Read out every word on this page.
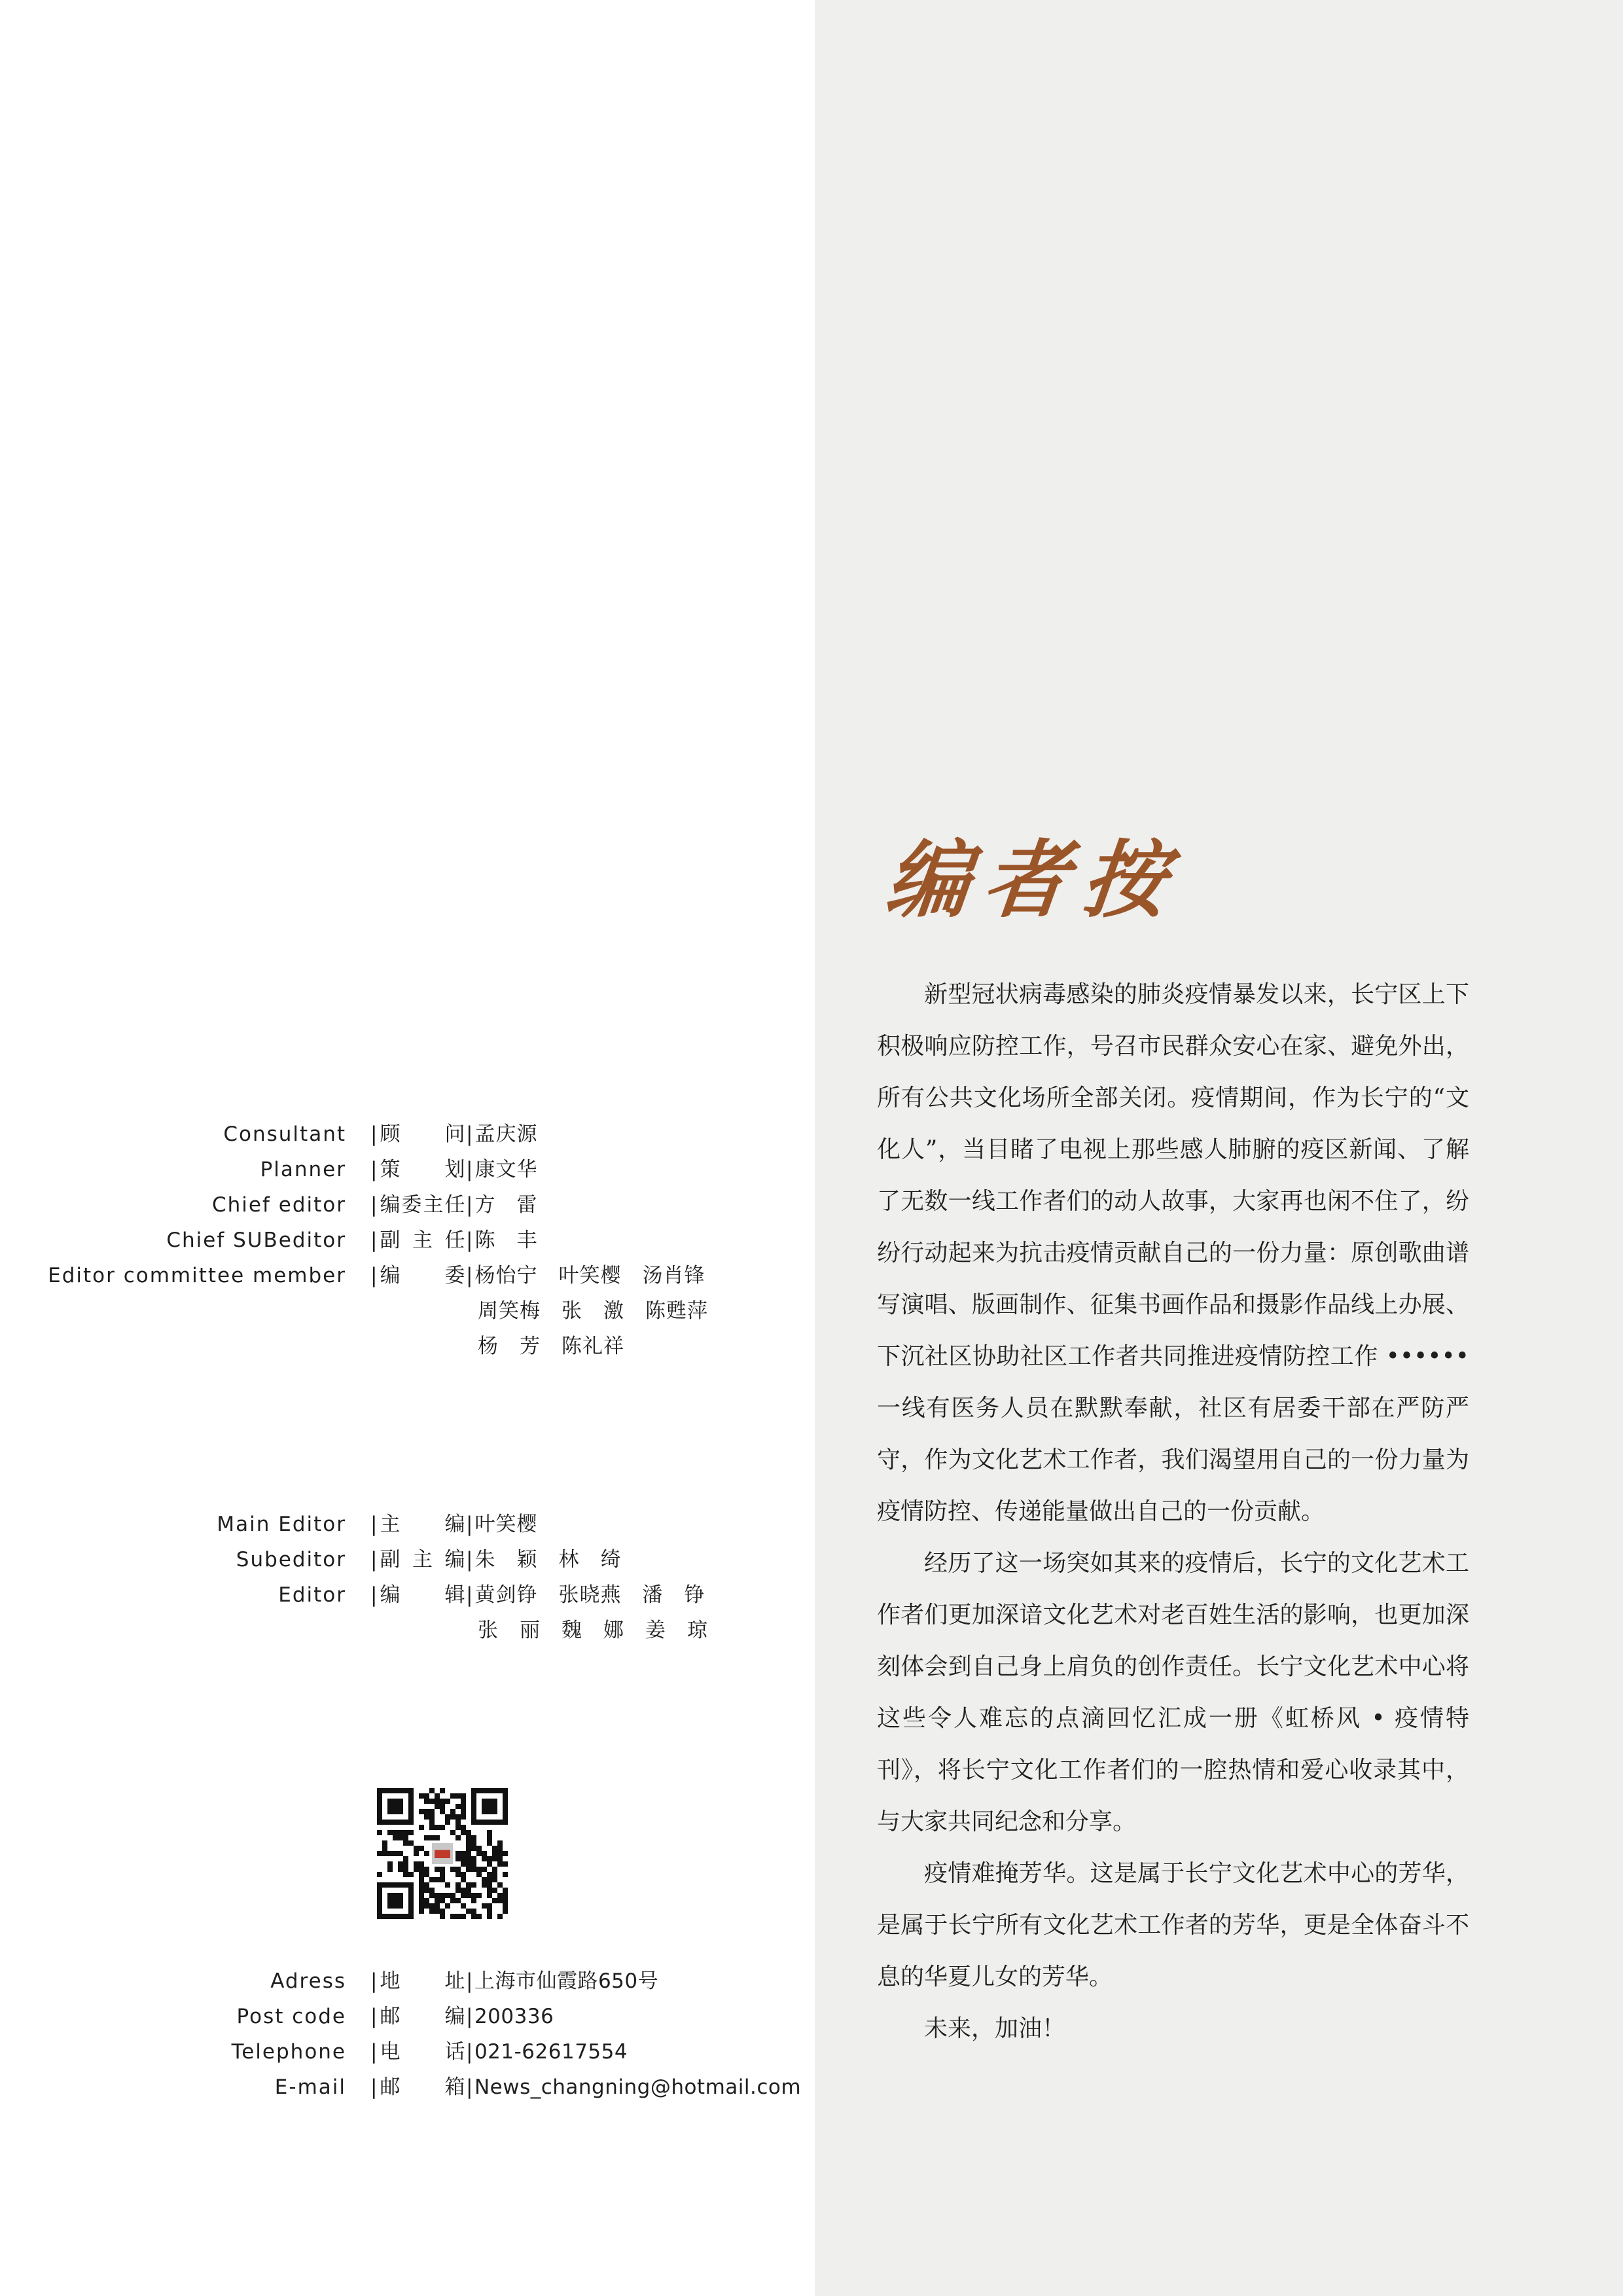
Consultant	| 顾问 | 孟庆源
Planner	| 策划 | 康文华
Chief editor	| 编委主任 | 方　雷
Chief SUBeditor	| 副主任 | 陈　丰
Editor committee member	| 编委 | 杨怡宁　叶笑樱　汤肖锋
周笑梅　张　激　陈甦萍
杨　芳　陈礼祥
Main Editor	| 主编 | 叶笑樱
Subeditor	| 副主编 | 朱　颖　林　绮
Editor	| 编辑 | 黄剑铮　张晓燕　潘　铮
张　丽　魏　娜　姜　琼
Adress	| 地址 | 上海市仙霞路650号
Post code	| 邮编 | 200336
Telephone	| 电话 | 021-62617554
E-mail	| 邮箱 | News_changning@hotmail.com
编者按

新型冠状病毒感染的肺炎疫情暴发以来，长宁区上下积极响应防控工作，号召市民群众安心在家、避免外出，所有公共文化场所全部关闭。疫情期间，作为长宁的“文化人”，当目睹了电视上那些感人肺腑的疫区新闻、了解了无数一线工作者们的动人故事，大家再也闲不住了，纷纷行动起来为抗击疫情贡献自己的一份力量：原创歌曲谱写演唱、版画制作、征集书画作品和摄影作品线上办展、下沉社区协助社区工作者共同推进疫情防控工作 •••••• 一线有医务人员在默默奉献，社区有居委干部在严防严守，作为文化艺术工作者，我们渴望用自己的一份力量为疫情防控、传递能量做出自己的一份贡献。

经历了这一场突如其来的疫情后，长宁的文化艺术工作者们更加深谙文化艺术对老百姓生活的影响，也更加深刻体会到自己身上肩负的创作责任。长宁文化艺术中心将这些令人难忘的点滴回忆汇成一册《虹桥风 • 疫情特刊》，将长宁文化工作者们的一腔热情和爱心收录其中，与大家共同纪念和分享。

疫情难掩芳华。这是属于长宁文化艺术中心的芳华，是属于长宁所有文化艺术工作者的芳华，更是全体奋斗不息的华夏儿女的芳华。

未来，加油！
